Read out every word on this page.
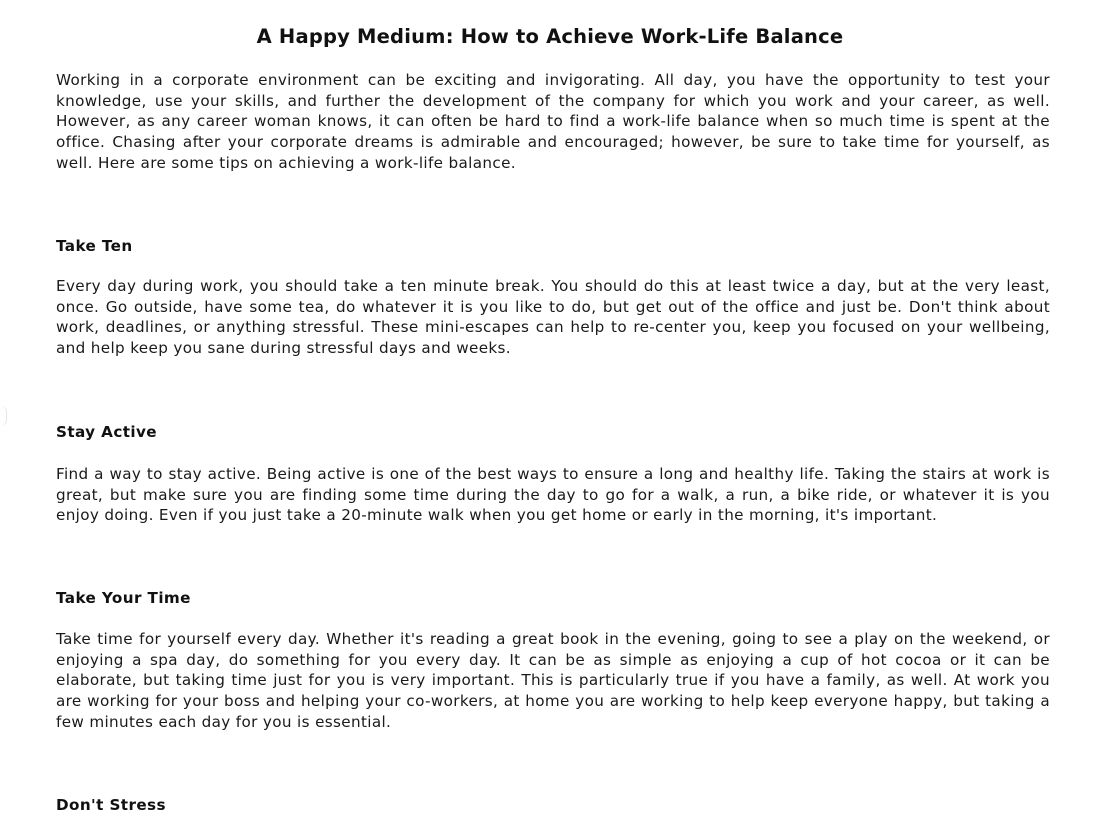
A Happy Medium: How to Achieve Work-Life Balance

Working in a corporate environment can be exciting and invigorating. All day, you have the opportunity to test your knowledge, use your skills, and further the development of the company for which you work and your career, as well. However, as any career woman knows, it can often be hard to find a work-life balance when so much time is spent at the office. Chasing after your corporate dreams is admirable and encouraged; however, be sure to take time for yourself, as well. Here are some tips on achieving a work-life balance.

Take Ten

Every day during work, you should take a ten minute break. You should do this at least twice a day, but at the very least, once. Go outside, have some tea, do whatever it is you like to do, but get out of the office and just be. Don't think about work, deadlines, or anything stressful. These mini-escapes can help to re-center you, keep you focused on your wellbeing, and help keep you sane during stressful days and weeks.

Stay Active

Find a way to stay active. Being active is one of the best ways to ensure a long and healthy life. Taking the stairs at work is great, but make sure you are finding some time during the day to go for a walk, a run, a bike ride, or whatever it is you enjoy doing. Even if you just take a 20-minute walk when you get home or early in the morning, it's important.

Take Your Time

Take time for yourself every day. Whether it's reading a great book in the evening, going to see a play on the weekend, or enjoying a spa day, do something for you every day. It can be as simple as enjoying a cup of hot cocoa or it can be elaborate, but taking time just for you is very important. This is particularly true if you have a family, as well. At work you are working for your boss and helping your co-workers, at home you are working to help keep everyone happy, but taking a few minutes each day for you is essential.

Don't Stress
